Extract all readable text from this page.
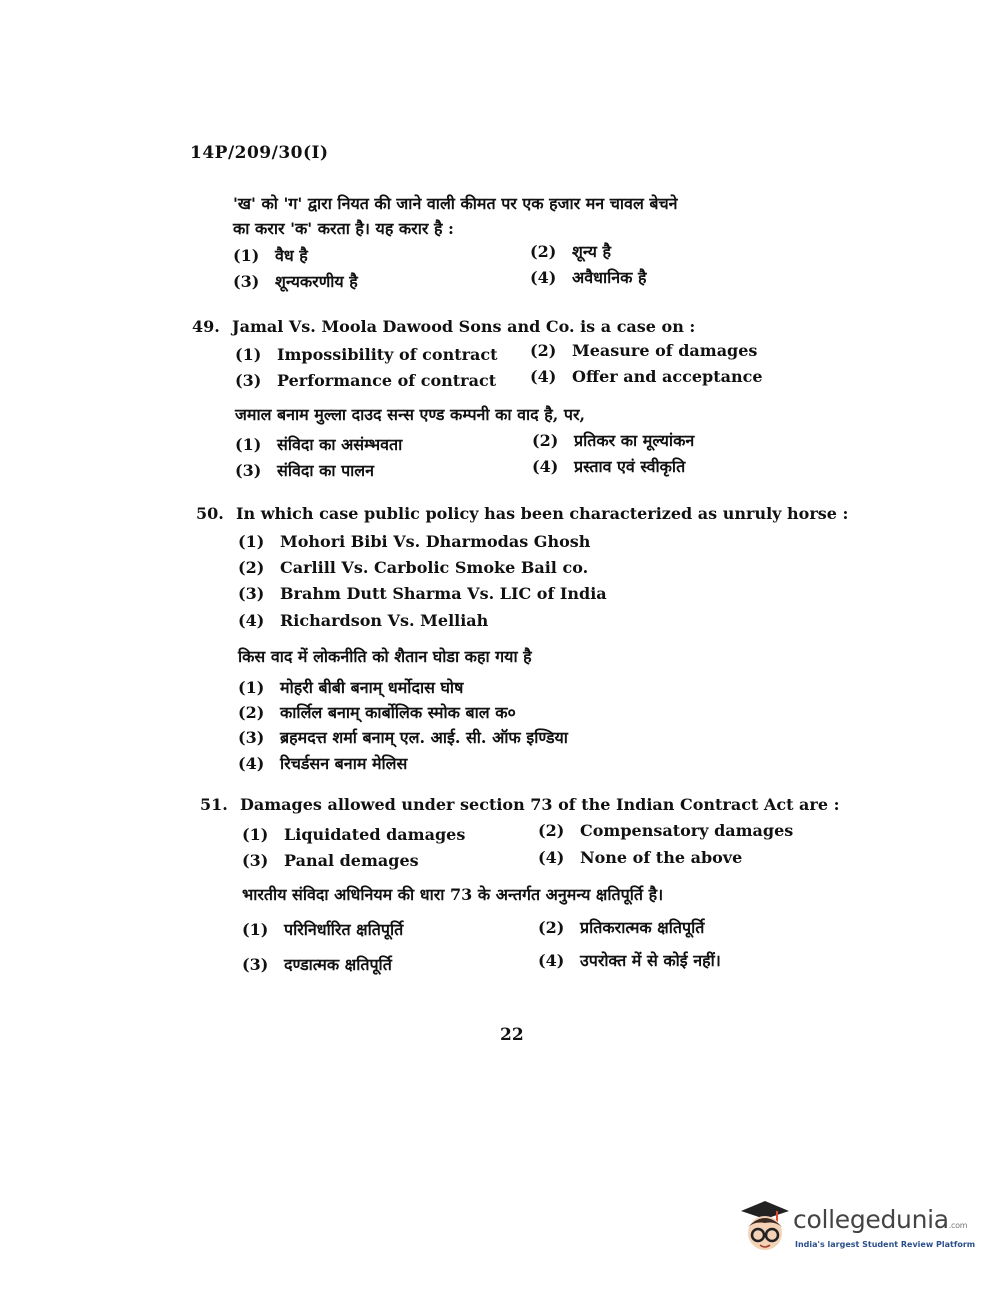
14P/209/30(I)
'ख' को 'ग' द्वारा नियत की जाने वाली कीमत पर एक हजार मन चावल बेचने
का करार 'क' करता है। यह करार है :
(1) वैध है	(2) शून्य है
(3) शून्यकरणीय है	(4) अवैधानिक है
49. Jamal Vs. Moola Dawood Sons and Co. is a case on :
(1) Impossibility of contract (2) Measure of damages
(3) Performance of contract (4) Offer and acceptance
जमाल बनाम मुल्ला दाउद सन्स एण्ड कम्पनी का वाद है, पर,
(1) संविदा का असंम्भवता	(2) प्रतिकर का मूल्यांकन
(3) संविदा का पालन	(4) प्रस्ताव एवं स्वीकृति
50. In which case public policy has been characterized as unruly horse :
(1) Mohori Bibi Vs. Dharmodas Ghosh
(2) Carlill Vs. Carbolic Smoke Bail co.
(3) Brahm Dutt Sharma Vs. LIC of India
(4) Richardson Vs. Melliah
किस वाद में लोकनीति को शैतान घोडा कहा गया है
(1) मोहरी बीबी बनाम् धर्मोदास घोष
(2) कार्लिल बनाम् कार्बोलिक स्मोक बाल क०
(3) ब्रहमदत्त शर्मा बनाम् एल. आई. सी. ऑफ इण्डिया
(4) रिचर्डसन बनाम मेलिस
51. Damages allowed under section 73 of the Indian Contract Act are :
(1) Liquidated damages	(2) Compensatory damages
(3) Panal demages	(4) None of the above
भारतीय संविदा अधिनियम की धारा 73 के अन्तर्गत अनुमन्य क्षतिपूर्ति है।
(1) परिनिर्धारित क्षतिपूर्ति	(2) प्रतिकरात्मक क्षतिपूर्ति
(3) दण्डात्मक क्षतिपूर्ति	(4) उपरोक्त में से कोई नहीं।
22
collegedunia.com
India's largest Student Review Platform
